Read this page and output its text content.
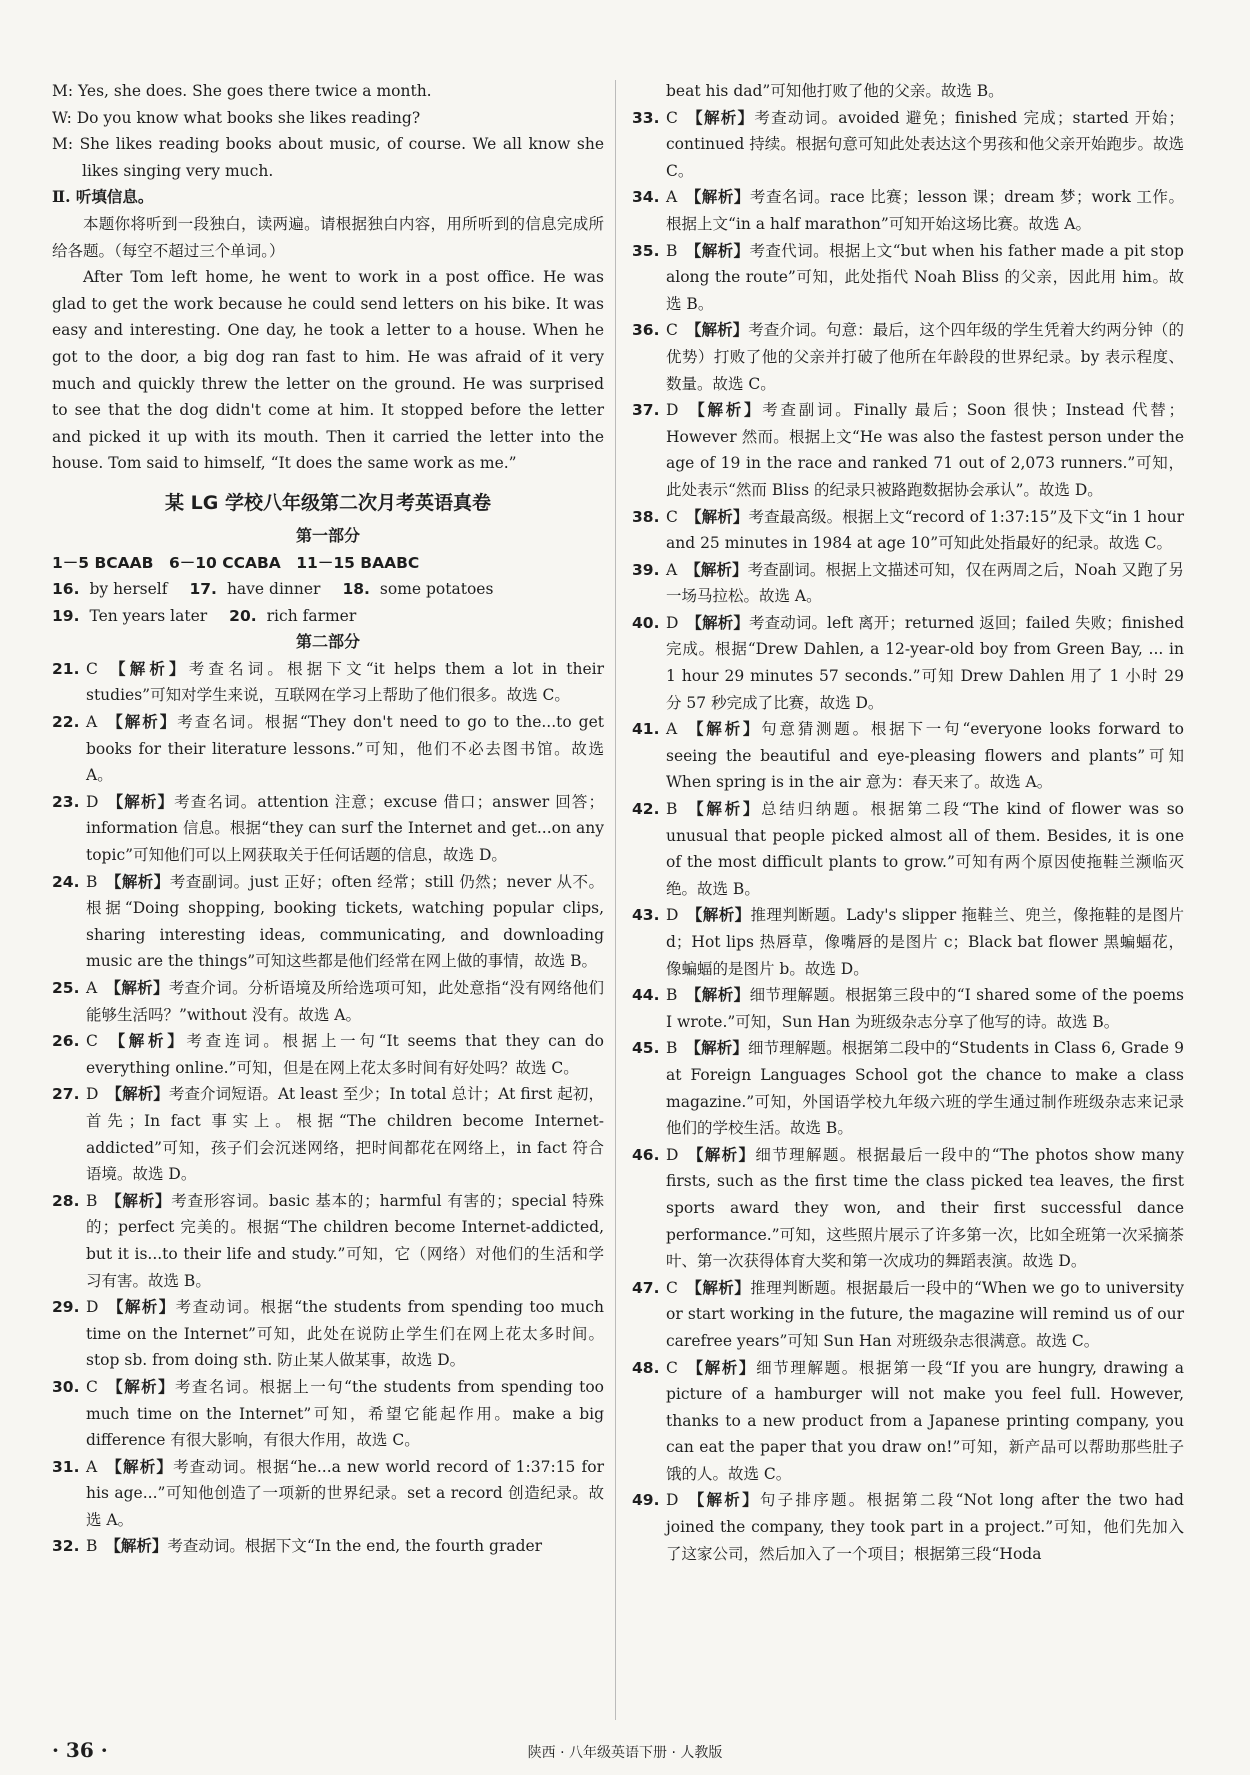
M: Yes, she does. She goes there twice a month.
W: Do you know what books she likes reading?
M: She likes reading books about music, of course. We all know she likes singing very much.
Ⅱ. 听填信息。
本题你将听到一段独白，读两遍。请根据独白内容，用所听到的信息完成所给各题。（每空不超过三个单词。）
After Tom left home, he went to work in a post office. He was glad to get the work because he could send letters on his bike. It was easy and interesting. One day, he took a letter to a house. When he got to the door, a big dog ran fast to him. He was afraid of it very much and quickly threw the letter on the ground. He was surprised to see that the dog didn't come at him. It stopped before the letter and picked it up with its mouth. Then it carried the letter into the house. Tom said to himself, “It does the same work as me.”
某 LG 学校八年级第二次月考英语真卷
第一部分
1－5 BCAAB　6－10 CCABA　11－15 BAABC
16. by herself 17. have dinner 18. some potatoes
19. Ten years later 20. rich farmer
第二部分
21. C 【解析】考查名词。根据下文“it helps them a lot in their studies”可知对学生来说，互联网在学习上帮助了他们很多。故选 C。
22. A 【解析】考查名词。根据“They don't need to go to the...to get books for their literature lessons.”可知，他们不必去图书馆。故选 A。
23. D 【解析】考查名词。attention 注意；excuse 借口；answer 回答；information 信息。根据“they can surf the Internet and get...on any topic”可知他们可以上网获取关于任何话题的信息，故选 D。
24. B 【解析】考查副词。just 正好；often 经常；still 仍然；never 从不。根据“Doing shopping, booking tickets, watching popular clips, sharing interesting ideas, communicating, and downloading music are the things”可知这些都是他们经常在网上做的事情，故选 B。
25. A 【解析】考查介词。分析语境及所给选项可知，此处意指“没有网络他们能够生活吗？”without 没有。故选 A。
26. C 【解析】考查连词。根据上一句“It seems that they can do everything online.”可知，但是在网上花太多时间有好处吗？故选 C。
27. D 【解析】考查介词短语。At least 至少；In total 总计；At first 起初，首先；In fact 事实上。根据“The children become Internet-addicted”可知，孩子们会沉迷网络，把时间都花在网络上，in fact 符合语境。故选 D。
28. B 【解析】考查形容词。basic 基本的；harmful 有害的；special 特殊的；perfect 完美的。根据“The children become Internet-addicted, but it is...to their life and study.”可知，它（网络）对他们的生活和学习有害。故选 B。
29. D 【解析】考查动词。根据“the students from spending too much time on the Internet”可知，此处在说防止学生们在网上花太多时间。stop sb. from doing sth. 防止某人做某事，故选 D。
30. C 【解析】考查名词。根据上一句“the students from spending too much time on the Internet”可知，希望它能起作用。make a big difference 有很大影响，有很大作用，故选 C。
31. A 【解析】考查动词。根据“he...a new world record of 1:37:15 for his age...”可知他创造了一项新的世界纪录。set a record 创造纪录。故选 A。
32. B 【解析】考查动词。根据下文“In the end, the fourth grader
beat his dad”可知他打败了他的父亲。故选 B。
33. C 【解析】考查动词。avoided 避免；finished 完成；started 开始；continued 持续。根据句意可知此处表达这个男孩和他父亲开始跑步。故选 C。
34. A 【解析】考查名词。race 比赛；lesson 课；dream 梦；work 工作。根据上文“in a half marathon”可知开始这场比赛。故选 A。
35. B 【解析】考查代词。根据上文“but when his father made a pit stop along the route”可知，此处指代 Noah Bliss 的父亲，因此用 him。故选 B。
36. C 【解析】考查介词。句意：最后，这个四年级的学生凭着大约两分钟（的优势）打败了他的父亲并打破了他所在年龄段的世界纪录。by 表示程度、数量。故选 C。
37. D 【解析】考查副词。Finally 最后；Soon 很快；Instead 代替；However 然而。根据上文“He was also the fastest person under the age of 19 in the race and ranked 71 out of 2,073 runners.”可知，此处表示“然而 Bliss 的纪录只被路跑数据协会承认”。故选 D。
38. C 【解析】考查最高级。根据上文“record of 1:37:15”及下文“in 1 hour and 25 minutes in 1984 at age 10”可知此处指最好的纪录。故选 C。
39. A 【解析】考查副词。根据上文描述可知，仅在两周之后，Noah 又跑了另一场马拉松。故选 A。
40. D 【解析】考查动词。left 离开；returned 返回；failed 失败；finished 完成。根据“Drew Dahlen, a 12-year-old boy from Green Bay, ... in 1 hour 29 minutes 57 seconds.”可知 Drew Dahlen 用了 1 小时 29 分 57 秒完成了比赛，故选 D。
41. A 【解析】句意猜测题。根据下一句“everyone looks forward to seeing the beautiful and eye-pleasing flowers and plants”可知 When spring is in the air 意为：春天来了。故选 A。
42. B 【解析】总结归纳题。根据第二段“The kind of flower was so unusual that people picked almost all of them. Besides, it is one of the most difficult plants to grow.”可知有两个原因使拖鞋兰濒临灭绝。故选 B。
43. D 【解析】推理判断题。Lady's slipper 拖鞋兰、兜兰，像拖鞋的是图片 d；Hot lips 热唇草，像嘴唇的是图片 c；Black bat flower 黑蝙蝠花，像蝙蝠的是图片 b。故选 D。
44. B 【解析】细节理解题。根据第三段中的“I shared some of the poems I wrote.”可知，Sun Han 为班级杂志分享了他写的诗。故选 B。
45. B 【解析】细节理解题。根据第二段中的“Students in Class 6, Grade 9 at Foreign Languages School got the chance to make a class magazine.”可知，外国语学校九年级六班的学生通过制作班级杂志来记录他们的学校生活。故选 B。
46. D 【解析】细节理解题。根据最后一段中的“The photos show many firsts, such as the first time the class picked tea leaves, the first sports award they won, and their first successful dance performance.”可知，这些照片展示了许多第一次，比如全班第一次采摘茶叶、第一次获得体育大奖和第一次成功的舞蹈表演。故选 D。
47. C 【解析】推理判断题。根据最后一段中的“When we go to university or start working in the future, the magazine will remind us of our carefree years”可知 Sun Han 对班级杂志很满意。故选 C。
48. C 【解析】细节理解题。根据第一段“If you are hungry, drawing a picture of a hamburger will not make you feel full. However, thanks to a new product from a Japanese printing company, you can eat the paper that you draw on!”可知，新产品可以帮助那些肚子饿的人。故选 C。
49. D 【解析】句子排序题。根据第二段“Not long after the two had joined the company, they took part in a project.”可知，他们先加入了这家公司，然后加入了一个项目；根据第三段“Hoda
· 36 ·	陕西 · 八年级英语下册 · 人教版
